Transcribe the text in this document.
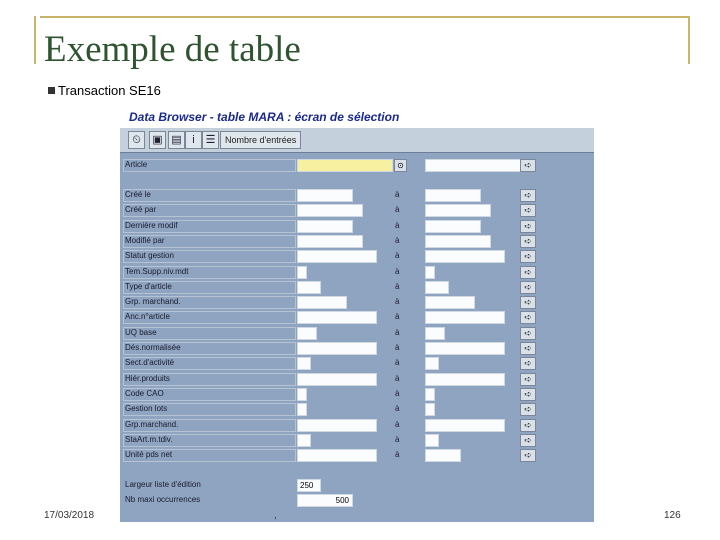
Exemple de table
Transaction SE16
Data Browser - table MARA : écran de sélection
⏲	▣ ▤ i ☰	Nombre d'entrées
Article	⊙	➪
Créé le	à	➪
Créé par	à	➪
Dernière modif	à	➪
Modifié par	à	➪
Statut gestion	à	➪
Tem.Supp.niv.mdt	à	➪
Type d'article	à	➪
Grp. marchand.	à	➪
Anc.n°article	à	➪
UQ base	à	➪
Dés.normalisée	à	➪
Sect.d'activité	à	➪
Hiér.produits	à	➪
Code CAO	à	➪
Gestion lots	à	➪
Grp.marchand.	à	➪
StaArt.m.tdiv.	à	➪
Unité pds net	à	➪
Largeur liste d'édition	250
Nb maxi occurrences	500
17/03/2018	,	126
